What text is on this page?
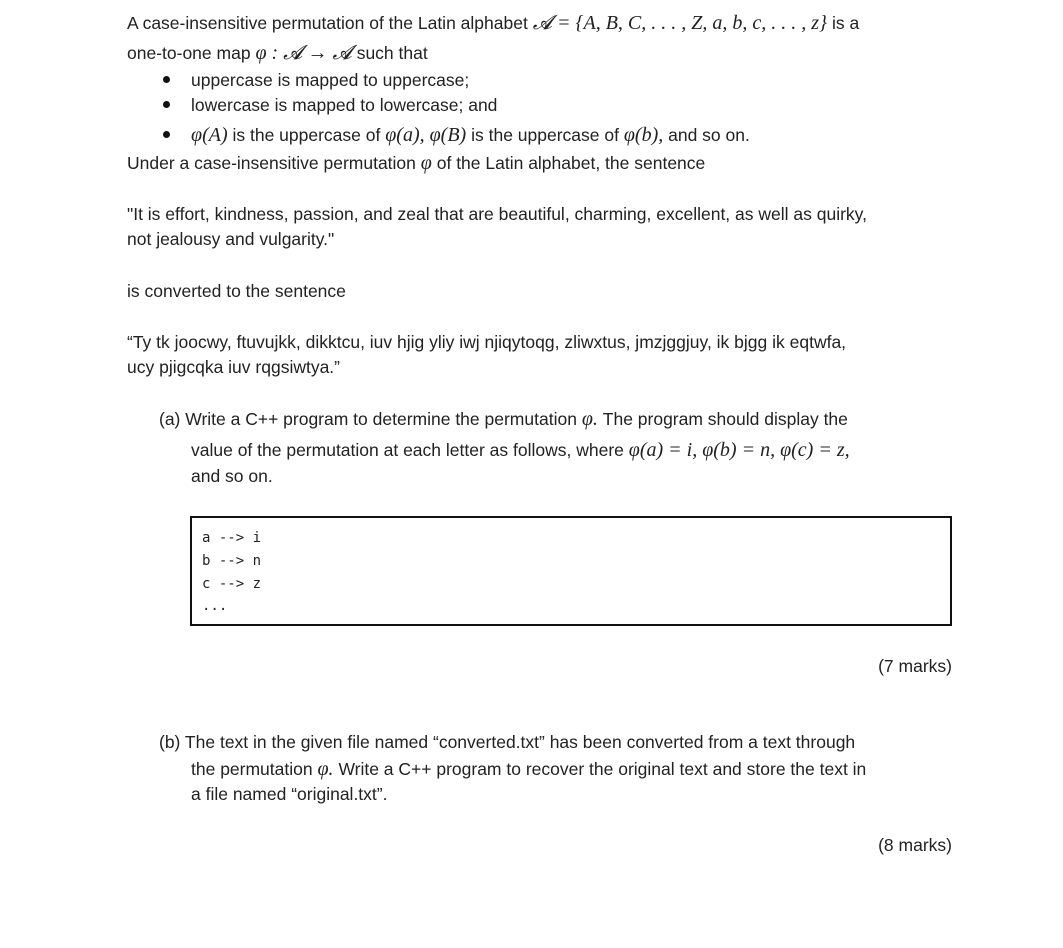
A case-insensitive permutation of the Latin alphabet 𝓐 = {A, B, C, . . . , Z, a, b, c, . . . , z} is a
one-to-one map φ : 𝓐 → 𝓐 such that
uppercase is mapped to uppercase;
lowercase is mapped to lowercase; and
φ(A) is the uppercase of φ(a), φ(B) is the uppercase of φ(b), and so on.
Under a case-insensitive permutation φ of the Latin alphabet, the sentence
"It is effort, kindness, passion, and zeal that are beautiful, charming, excellent, as well as quirky,
not jealousy and vulgarity."
is converted to the sentence
“Ty tk joocwy, ftuvujkk, dikktcu, iuv hjig yliy iwj njiqytoqg, zliwxtus, jmzjggjuy, ik bjgg ik eqtwfa,
ucy pjigcqka iuv rqgsiwtya.”
(a) Write a C++ program to determine the permutation φ. The program should display the
value of the permutation at each letter as follows, where φ(a) = i, φ(b) = n, φ(c) = z,
and so on.
a --> i
b --> n
c --> z
...
(7 marks)
(b) The text in the given file named “converted.txt” has been converted from a text through
the permutation φ. Write a C++ program to recover the original text and store the text in
a file named “original.txt”.
(8 marks)
